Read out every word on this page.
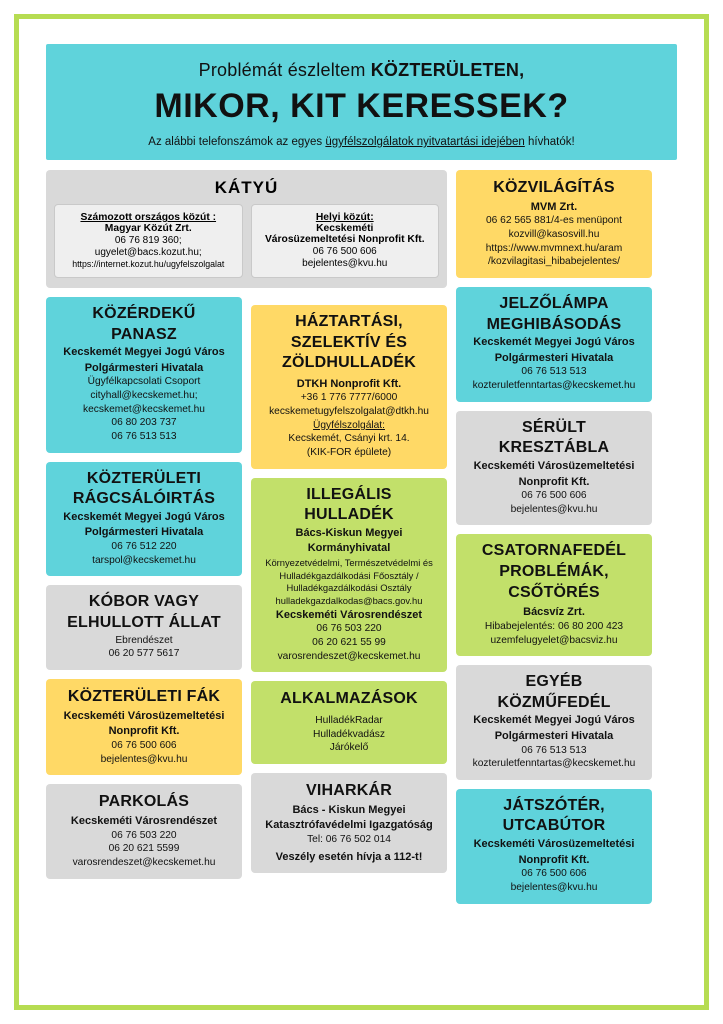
Problémát észleltem KÖZTERÜLETEN,
MIKOR, KIT KERESSEK?
Az alábbi telefonszámok az egyes ügyfélszolgálatok nyitvatartási idejében hívhatók!
KÁTYÚ
Számozott országos közút :
Magyar Közút Zrt.
06 76 819 360;
ugyelet@bacs.kozut.hu;
https://internet.kozut.hu/ugyfelszolgalat
Helyi közút:
Kecskeméti
Városüzemeltetési Nonprofit Kft.
06 76 500 606
bejelentes@kvu.hu
KÖZÉRDEKŰ
PANASZ
Kecskemét Megyei Jogú Város
Polgármesteri Hivatala
Ügyfélkapcsolati Csoport
cityhall@kecskemet.hu;
kecskemet@kecskemet.hu
06 80 203 737
06 76 513 513
KÖZTERÜLETI
RÁGCSÁLÓIRTÁS
Kecskemét Megyei Jogú Város
Polgármesteri Hivatala
06 76 512 220
tarspol@kecskemet.hu
KÓBOR VAGY
ELHULLOTT ÁLLAT
Ebrendészet
06 20 577 5617
KÖZTERÜLETI FÁK
Kecskeméti Városüzemeltetési
Nonprofit Kft.
06 76 500 606
bejelentes@kvu.hu
PARKOLÁS
Kecskeméti Városrendészet
06 76 503 220
06 20 621 5599
varosrendeszet@kecskemet.hu
HÁZTARTÁSI,
SZELEKTÍV ÉS
ZÖLDHULLADÉK
DTKH Nonprofit Kft.
+36 1 776 7777/6000
kecskemetugyfelszolgalat@dtkh.hu
Ügyfélszolgálat:
Kecskemét, Csányi krt. 14.
(KIK-FOR épülete)
ILLEGÁLIS
HULLADÉK
Bács-Kiskun Megyei
Kormányhivatal
Környezetvédelmi, Természetvédelmi és
Hulladékgazdálkodási Főosztály /
Hulladékgazdálkodási Osztály
hulladekgazdalkodas@bacs.gov.hu
Kecskeméti Városrendészet
06 76 503 220
06 20 621 55 99
varosrendeszet@kecskemet.hu
ALKALMAZÁSOK
HulladékRadar
Hulladékvadász
Járókelő
VIHARKÁR
Bács - Kiskun Megyei
Katasztrófavédelmi Igazgatóság
Tel: 06 76 502 014
Veszély esetén hívja a 112-t!
KÖZVILÁGÍTÁS
MVM Zrt.
06 62 565 881/4-es menüpont
kozvill@kasosvill.hu
https://www.mvmnext.hu/aram
/kozvilagitasi_hibabejelentes/
JELZŐLÁMPA
MEGHIBÁSODÁS
Kecskemét Megyei Jogú Város
Polgármesteri Hivatala
06 76 513 513
kozteruletfenntartas@kecskemet.hu
SÉRÜLT
KRESZTÁBLA
Kecskeméti Városüzemeltetési
Nonprofit Kft.
06 76 500 606
bejelentes@kvu.hu
CSATORNAFEDÉL
PROBLÉMÁK,
CSŐTÖRÉS
Bácsvíz Zrt.
Hibabejelentés: 06 80 200 423
uzemfelugyelet@bacsviz.hu
EGYÉB
KÖZMŰFEDÉL
Kecskemét Megyei Jogú Város
Polgármesteri Hivatala
06 76 513 513
kozteruletfenntartas@kecskemet.hu
JÁTSZÓTÉR,
UTCABÚTOR
Kecskeméti Városüzemeltetési
Nonprofit Kft.
06 76 500 606
bejelentes@kvu.hu
